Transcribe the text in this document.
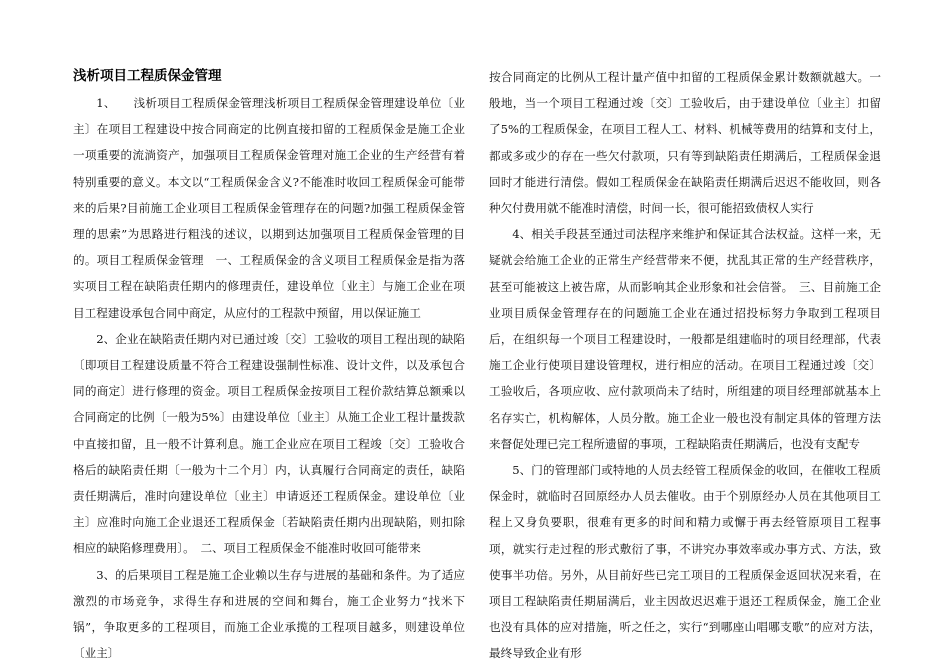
浅析项目工程质保金管理

1、　　浅析项目工程质保金管理浅析项目工程质保金管理建设单位〔业主〕在项目工程建设中按合同商定的比例直接扣留的工程质保金是施工企业一项重要的流淌资产，加强项目工程质保金管理对施工企业的生产经营有着特别重要的意义。本文以“工程质保金含义?不能准时收回工程质保金可能带来的后果?目前施工企业项目工程质保金管理存在的问题?加强工程质保金管理的思索”为思路进行粗浅的述议，以期到达加强项目工程质保金管理的目的。项目工程质保金管理　一、工程质保金的含义项目工程质保金是指为落实项目工程在缺陷责任期内的修理责任，建设单位〔业主〕与施工企业在项目工程建设承包合同中商定，从应付的工程款中预留，用以保证施工

2、企业在缺陷责任期内对已通过竣〔交〕工验收的项目工程出现的缺陷〔即项目工程建设质量不符合工程建设强制性标准、设计文件，以及承包合同的商定〕进行修理的资金。项目工程质保金按项目工程价款结算总额乘以合同商定的比例〔一般为5%〕由建设单位〔业主〕从施工企业工程计量拨款中直接扣留，且一般不计算利息。施工企业应在项目工程竣〔交〕工验收合格后的缺陷责任期〔一般为十二个月〕内，认真履行合同商定的责任，缺陷责任期满后，准时向建设单位〔业主〕申请返还工程质保金。建设单位〔业主〕应准时向施工企业退还工程质保金〔若缺陷责任期内出现缺陷，则扣除相应的缺陷修理费用〕。　二、项目工程质保金不能准时收回可能带来

3、的后果项目工程是施工企业赖以生存与进展的基础和条件。为了适应激烈的市场竞争，求得生存和进展的空间和舞台，施工企业努力“找米下锅”，争取更多的工程项目，而施工企业承揽的工程项目越多，则建设单位〔业主〕

按合同商定的比例从工程计量产值中扣留的工程质保金累计数额就越大。一般地，当一个项目工程通过竣〔交〕工验收后，由于建设单位〔业主〕扣留了5%的工程质保金，在项目工程人工、材料、机械等费用的结算和支付上，都或多或少的存在一些欠付款项，只有等到缺陷责任期满后，工程质保金退回时才能进行清偿。假如工程质保金在缺陷责任期满后迟迟不能收回，则各种欠付费用就不能准时清偿，时间一长，很可能招致债权人实行

4、相关手段甚至通过司法程序来维护和保证其合法权益。这样一来，无疑就会给施工企业的正常生产经营带来不便，扰乱其正常的生产经营秩序，甚至可能被这上被告席，从而影响其企业形象和社会信誉。　三、目前施工企业项目质保金管理存在的问题施工企业在通过招投标努力争取到工程项目后，在组织每一个项目工程建设时，一般都是组建临时的项目经理部，代表施工企业行使项目建设管理权，进行相应的活动。在项目工程通过竣〔交〕工验收后，各项应收、应付款项尚未了结时，所组建的项目经理部就基本上名存实亡，机构解体，人员分散。施工企业一般也没有制定具体的管理方法来督促处理已完工程所遗留的事项，工程缺陷责任期满后，也没有支配专

5、门的管理部门或特地的人员去经管工程质保金的收回，在催收工程质保金时，就临时召回原经办人员去催收。由于个别原经办人员在其他项目工程上又身负要职，很难有更多的时间和精力或懈于再去经管原项目工程事项，就实行走过程的形式敷衍了事，不讲究办事效率或办事方式、方法，致使事半功倍。另外，从目前好些已完工项目的工程质保金返回状况来看，在项目工程缺陷责任期届满后，业主因故迟迟难于退还工程质保金，施工企业也没有具体的应对措施，听之任之，实行“到哪座山唱哪支歌”的应对方法，最终导致企业有形
